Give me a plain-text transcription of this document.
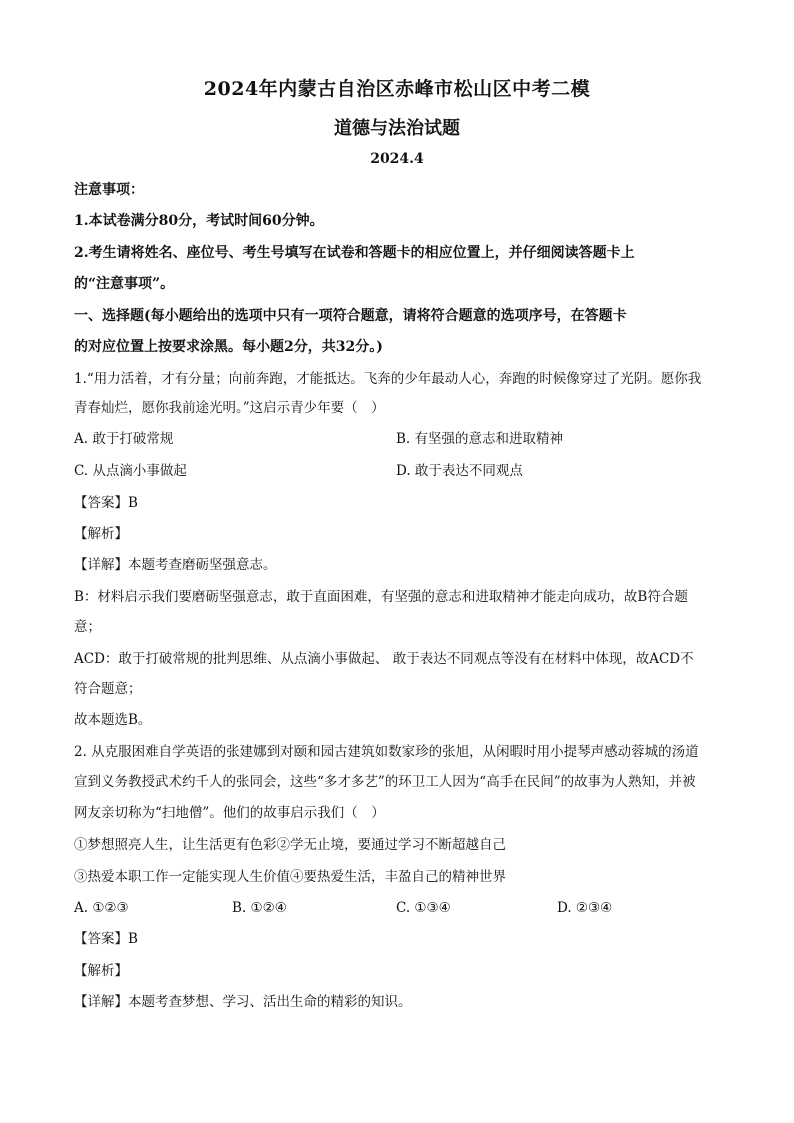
2024年内蒙古自治区赤峰市松山区中考二模
道德与法治试题
2024.4
注意事项：
1.本试卷满分80分，考试时间60分钟。
2.考生请将姓名、座位号、考生号填写在试卷和答题卡的相应位置上，并仔细阅读答题卡上
的“注意事项”。
一、选择题(每小题给出的选项中只有一项符合题意，请将符合题意的选项序号，在答题卡
的对应位置上按要求涂黑。每小题2分，共32分。)
1.“用力活着，才有分量；向前奔跑，才能抵达。飞奔的少年最动人心，奔跑的时候像穿过了光阴。愿你我
青春灿烂，愿你我前途光明。”这启示青少年要（　）
A. 敢于打破常规	B. 有坚强的意志和进取精神
C. 从点滴小事做起	D. 敢于表达不同观点
【答案】B
【解析】
【详解】本题考查磨砺坚强意志。
B：材料启示我们要磨砺坚强意志，敢于直面困难，有坚强的意志和进取精神才能走向成功，故B符合题
意；
ACD：敢于打破常规的批判思维、从点滴小事做起、 敢于表达不同观点等没有在材料中体现，故ACD不
符合题意；
故本题选B。
2. 从克服困难自学英语的张建娜到对颐和园古建筑如数家珍的张旭，从闲暇时用小提琴声感动蓉城的汤道
宣到义务教授武术约千人的张同会，这些“多才多艺”的环卫工人因为“高手在民间”的故事为人熟知，并被
网友亲切称为“扫地僧”。他们的故事启示我们（　）
①梦想照亮人生，让生活更有色彩②学无止境，要通过学习不断超越自己
③热爱本职工作一定能实现人生价值④要热爱生活，丰盈自己的精神世界
A. ①②③	B. ①②④	C. ①③④	D. ②③④
【答案】B
【解析】
【详解】本题考查梦想、学习、活出生命的精彩的知识。
